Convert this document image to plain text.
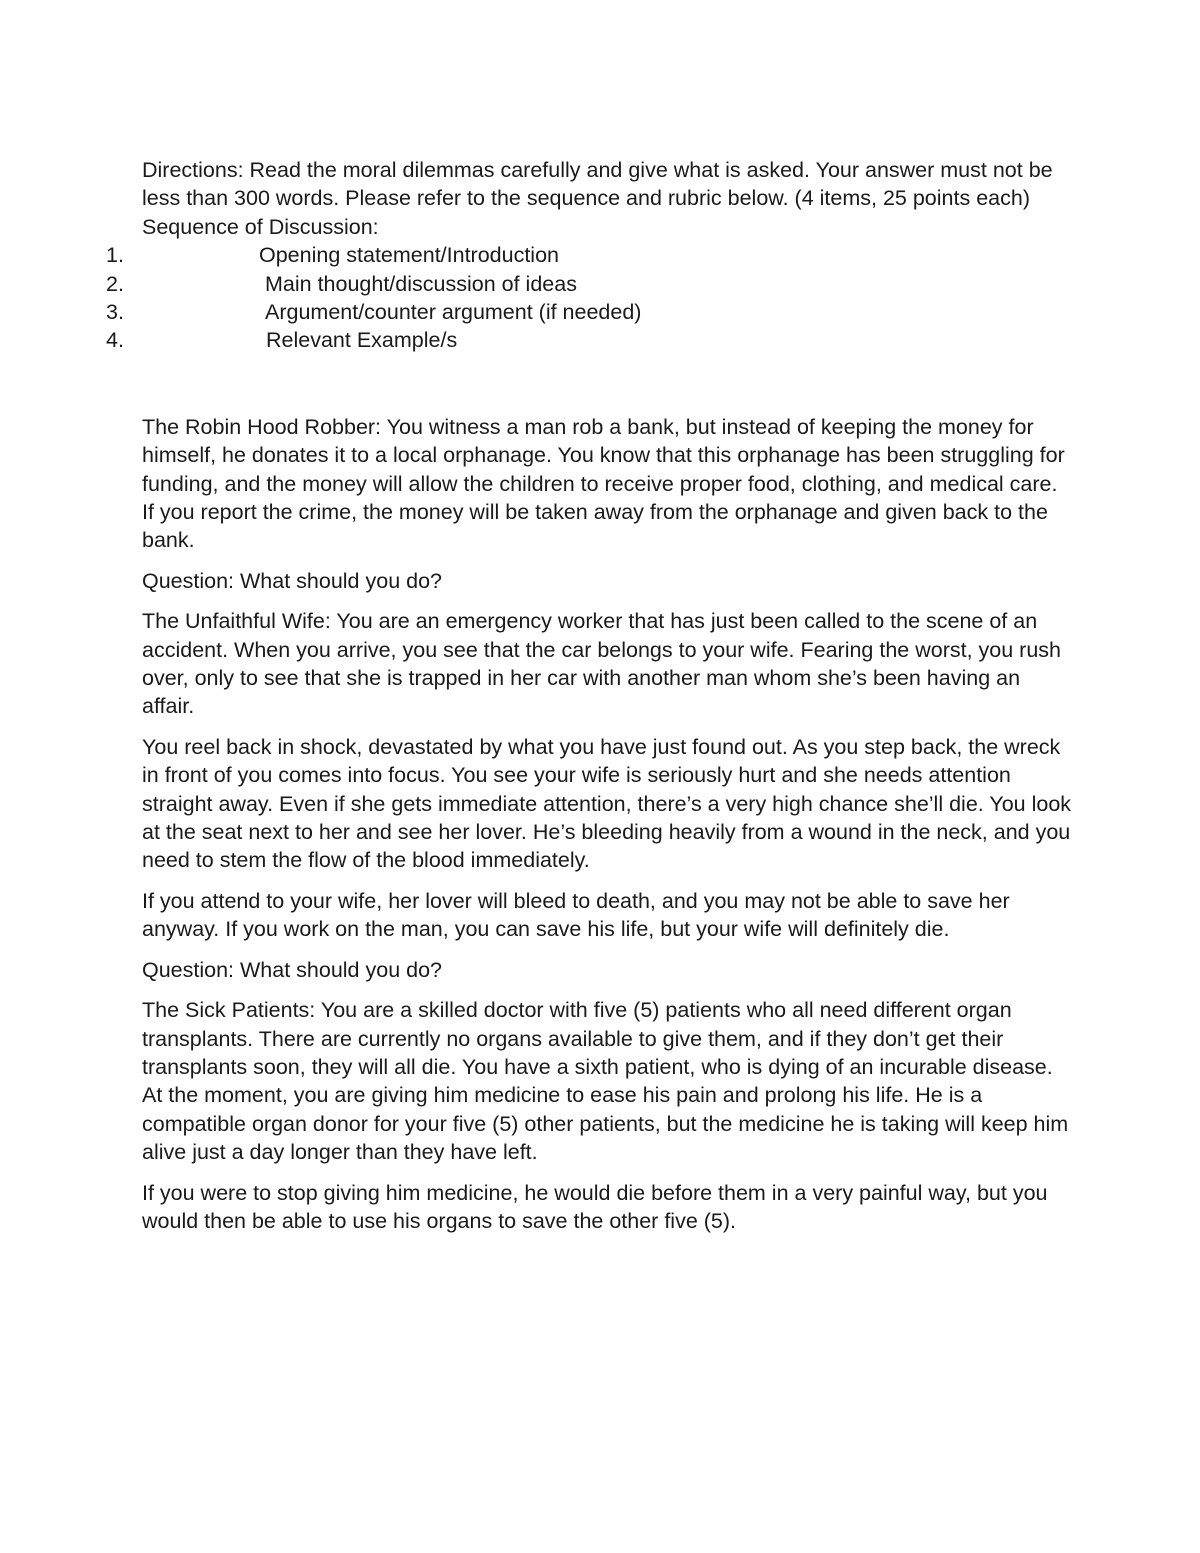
Directions: Read the moral dilemmas carefully and give what is asked. Your answer must not be less than 300 words. Please refer to the sequence and rubric below. (4 items, 25 points each)

Sequence of Discussion:

1.	Opening statement/Introduction
2.	Main thought/discussion of ideas
3.	Argument/counter argument (if needed)
4.	Relevant Example/s

The Robin Hood Robber: You witness a man rob a bank, but instead of keeping the money for himself, he donates it to a local orphanage. You know that this orphanage has been struggling for funding, and the money will allow the children to receive proper food, clothing, and medical care. If you report the crime, the money will be taken away from the orphanage and given back to the bank.

Question: What should you do?

The Unfaithful Wife: You are an emergency worker that has just been called to the scene of an accident. When you arrive, you see that the car belongs to your wife. Fearing the worst, you rush over, only to see that she is trapped in her car with another man whom she’s been having an affair.

You reel back in shock, devastated by what you have just found out. As you step back, the wreck in front of you comes into focus. You see your wife is seriously hurt and she needs attention straight away. Even if she gets immediate attention, there’s a very high chance she’ll die. You look at the seat next to her and see her lover. He’s bleeding heavily from a wound in the neck, and you need to stem the flow of the blood immediately.

If you attend to your wife, her lover will bleed to death, and you may not be able to save her anyway. If you work on the man, you can save his life, but your wife will definitely die.

Question: What should you do?

The Sick Patients: You are a skilled doctor with five (5) patients who all need different organ transplants. There are currently no organs available to give them, and if they don’t get their transplants soon, they will all die. You have a sixth patient, who is dying of an incurable disease. At the moment, you are giving him medicine to ease his pain and prolong his life. He is a compatible organ donor for your five (5) other patients, but the medicine he is taking will keep him alive just a day longer than they have left.

If you were to stop giving him medicine, he would die before them in a very painful way, but you would then be able to use his organs to save the other five (5).
